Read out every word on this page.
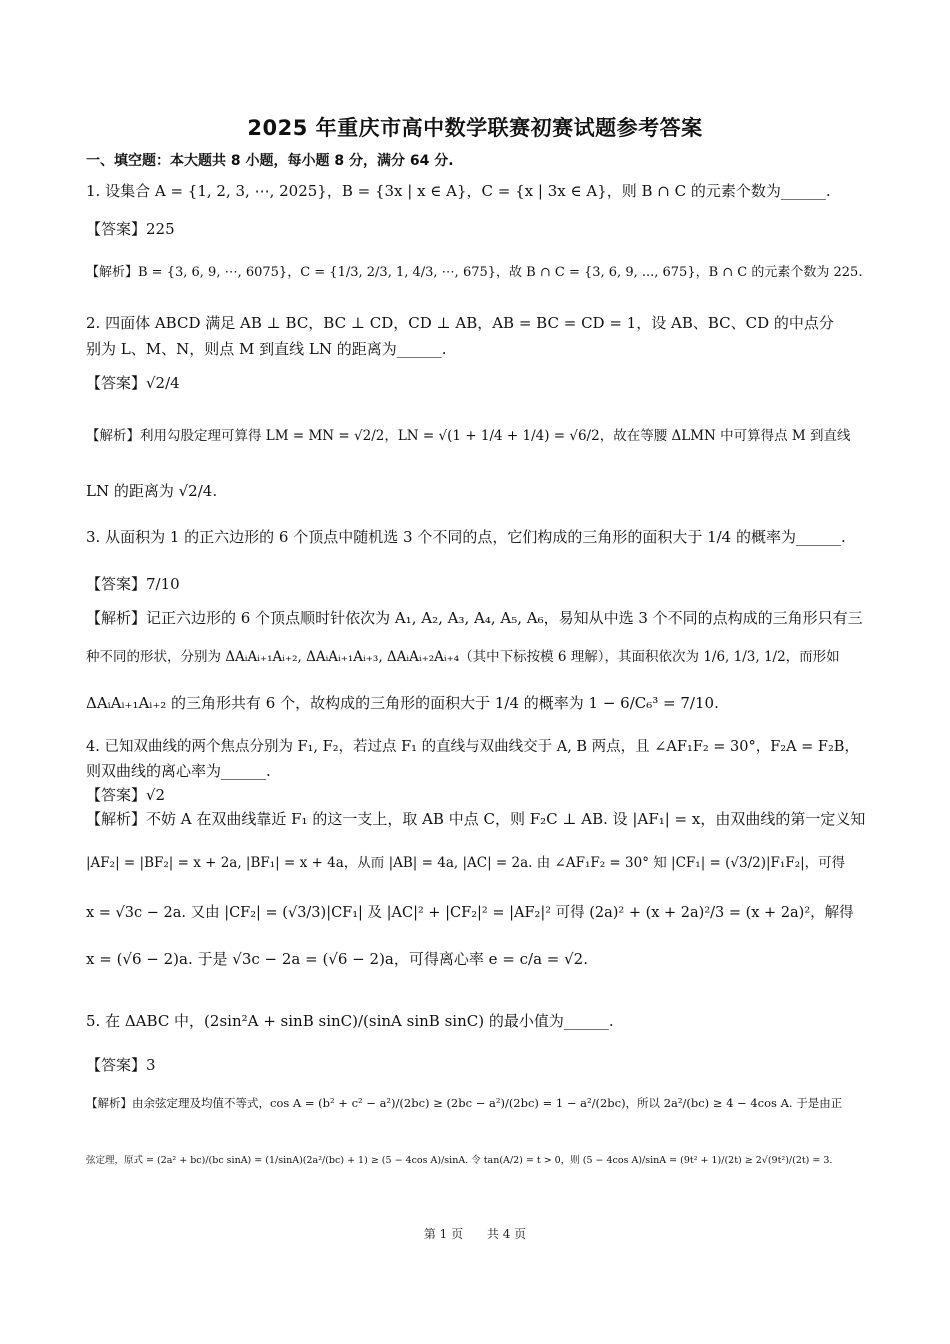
2025 年重庆市高中数学联赛初赛试题参考答案
一、填空题：本大题共 8 小题，每小题 8 分，满分 64 分.
1. 设集合 A = {1, 2, 3, ⋯, 2025}，B = {3x | x ∈ A}，C = {x | 3x ∈ A}，则 B ∩ C 的元素个数为______.
【答案】225
【解析】B = {3, 6, 9, ⋯, 6075}，C = {1/3, 2/3, 1, 4/3, ⋯, 675}，故 B ∩ C = {3, 6, 9, ..., 675}，B ∩ C 的元素个数为 225.
2. 四面体 ABCD 满足 AB ⊥ BC，BC ⊥ CD，CD ⊥ AB，AB = BC = CD = 1，设 AB、BC、CD 的中点分
别为 L、M、N，则点 M 到直线 LN 的距离为______.
【答案】√2/4
【解析】利用勾股定理可算得 LM = MN = √2/2，LN = √(1 + 1/4 + 1/4) = √6/2，故在等腰 ΔLMN 中可算得点 M 到直线
LN 的距离为 √2/4.
3. 从面积为 1 的正六边形的 6 个顶点中随机选 3 个不同的点，它们构成的三角形的面积大于 1/4 的概率为______.
【答案】7/10
【解析】记正六边形的 6 个顶点顺时针依次为 A₁, A₂, A₃, A₄, A₅, A₆，易知从中选 3 个不同的点构成的三角形只有三
种不同的形状，分别为 ΔAᵢAᵢ₊₁Aᵢ₊₂, ΔAᵢAᵢ₊₁Aᵢ₊₃, ΔAᵢAᵢ₊₂Aᵢ₊₄（其中下标按模 6 理解），其面积依次为 1/6, 1/3, 1/2，而形如
ΔAᵢAᵢ₊₁Aᵢ₊₂ 的三角形共有 6 个，故构成的三角形的面积大于 1/4 的概率为 1 − 6/C₆³ = 7/10.
4. 已知双曲线的两个焦点分别为 F₁, F₂，若过点 F₁ 的直线与双曲线交于 A, B 两点，且 ∠AF₁F₂ = 30°，F₂A = F₂B，
则双曲线的离心率为______.
【答案】√2
【解析】不妨 A 在双曲线靠近 F₁ 的这一支上，取 AB 中点 C，则 F₂C ⊥ AB. 设 |AF₁| = x，由双曲线的第一定义知
|AF₂| = |BF₂| = x + 2a, |BF₁| = x + 4a，从而 |AB| = 4a, |AC| = 2a. 由 ∠AF₁F₂ = 30° 知 |CF₁| = (√3/2)|F₁F₂|，可得
x = √3c − 2a. 又由 |CF₂| = (√3/3)|CF₁| 及 |AC|² + |CF₂|² = |AF₂|² 可得 (2a)² + (x + 2a)²/3 = (x + 2a)²，解得
x = (√6 − 2)a. 于是 √3c − 2a = (√6 − 2)a，可得离心率 e = c/a = √2.
5. 在 ΔABC 中，(2sin²A + sinB sinC)/(sinA sinB sinC) 的最小值为______.
【答案】3
【解析】由余弦定理及均值不等式，cos A = (b² + c² − a²)/(2bc) ≥ (2bc − a²)/(2bc) = 1 − a²/(2bc)，所以 2a²/(bc) ≥ 4 − 4cos A. 于是由正
弦定理，原式 = (2a² + bc)/(bc sinA) = (1/sinA)(2a²/(bc) + 1) ≥ (5 − 4cos A)/sinA. 令 tan(A/2) = t > 0，则 (5 − 4cos A)/sinA = (9t² + 1)/(2t) ≥ 2√(9t²)/(2t) = 3.
第 1 页 共 4 页
